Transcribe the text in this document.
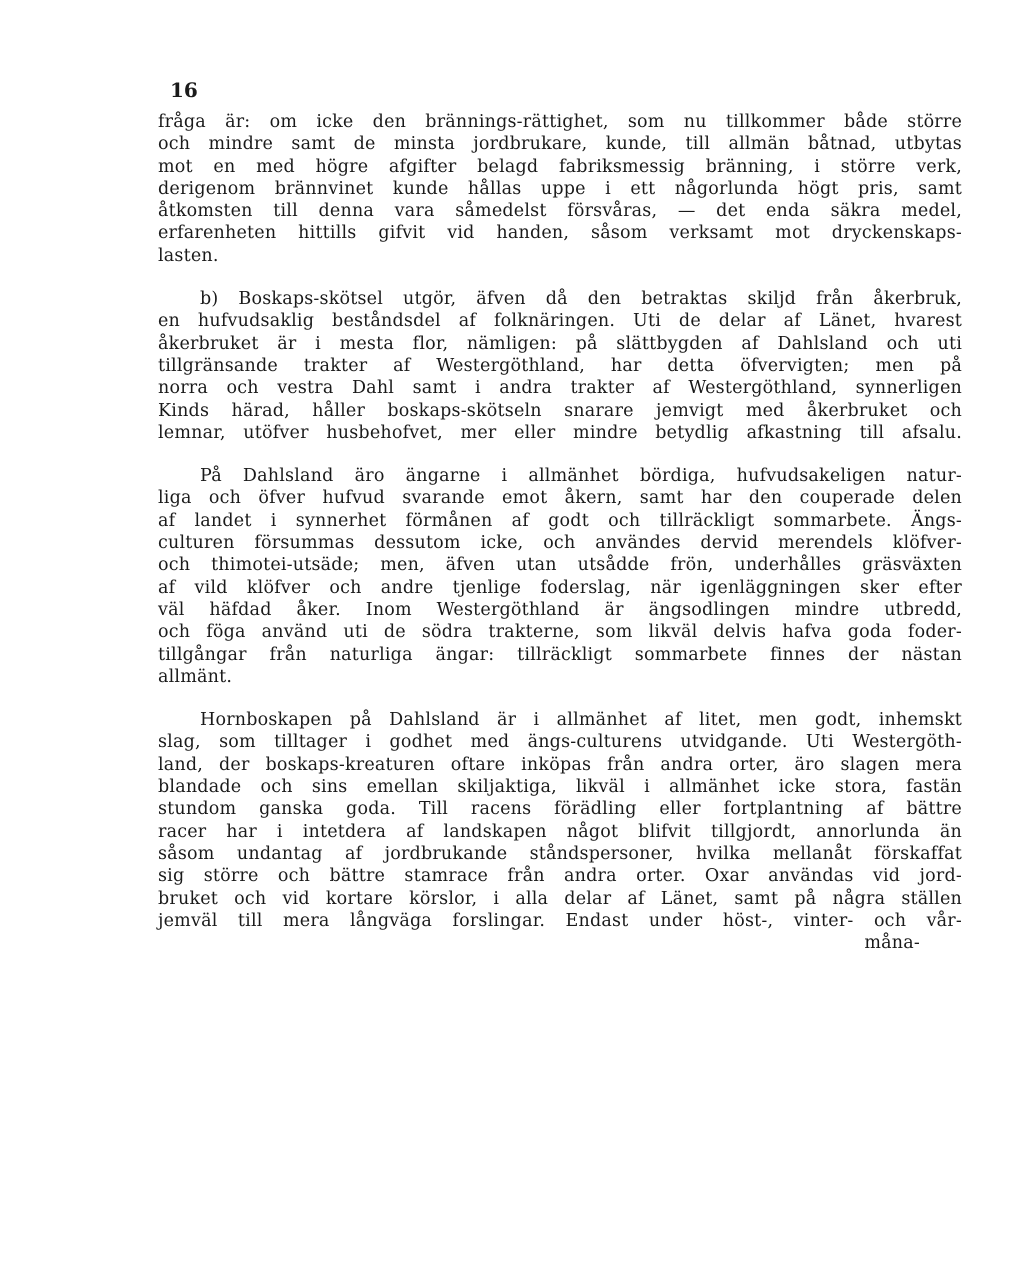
16
fråga är: om icke den brännings-rättighet, som nu tillkommer både större
och mindre samt de minsta jordbrukare, kunde, till allmän båtnad, utbytas
mot en med högre afgifter belagd fabriksmessig bränning, i större verk,
derigenom brännvinet kunde hållas uppe i ett någorlunda högt pris, samt
åtkomsten till denna vara såmedelst försvåras, — det enda säkra medel,
erfarenheten hittills gifvit vid handen, såsom verksamt mot dryckenskaps-
lasten.
b) Boskaps-skötsel utgör, äfven då den betraktas skiljd från åkerbruk,
en hufvudsaklig beståndsdel af folknäringen. Uti de delar af Länet, hvarest
åkerbruket är i mesta flor, nämligen: på slättbygden af Dahlsland och uti
tillgränsande trakter af Westergöthland, har detta öfvervigten; men på
norra och vestra Dahl samt i andra trakter af Westergöthland, synnerligen
Kinds härad, håller boskaps-skötseln snarare jemvigt med åkerbruket och
lemnar, utöfver husbehofvet, mer eller mindre betydlig afkastning till afsalu.
På Dahlsland äro ängarne i allmänhet bördiga, hufvudsakeligen natur-
liga och öfver hufvud svarande emot åkern, samt har den couperade delen
af landet i synnerhet förmånen af godt och tillräckligt sommarbete. Ängs-
culturen försummas dessutom icke, och användes dervid merendels klöfver-
och thimotei-utsäde; men, äfven utan utsådde frön, underhålles gräsväxten
af vild klöfver och andre tjenlige foderslag, när igenläggningen sker efter
väl häfdad åker. Inom Westergöthland är ängsodlingen mindre utbredd,
och föga använd uti de södra trakterne, som likväl delvis hafva goda foder-
tillgångar från naturliga ängar: tillräckligt sommarbete finnes der nästan
allmänt.
Hornboskapen på Dahlsland är i allmänhet af litet, men godt, inhemskt
slag, som tilltager i godhet med ängs-culturens utvidgande. Uti Westergöth-
land, der boskaps-kreaturen oftare inköpas från andra orter, äro slagen mera
blandade och sins emellan skiljaktiga, likväl i allmänhet icke stora, fastän
stundom ganska goda. Till racens förädling eller fortplantning af bättre
racer har i intetdera af landskapen något blifvit tillgjordt, annorlunda än
såsom undantag af jordbrukande ståndspersoner, hvilka mellanåt förskaffat
sig större och bättre stamrace från andra orter. Oxar användas vid jord-
bruket och vid kortare körslor, i alla delar af Länet, samt på några ställen
jemväl till mera långväga forslingar. Endast under höst-, vinter- och vår-
måna-
